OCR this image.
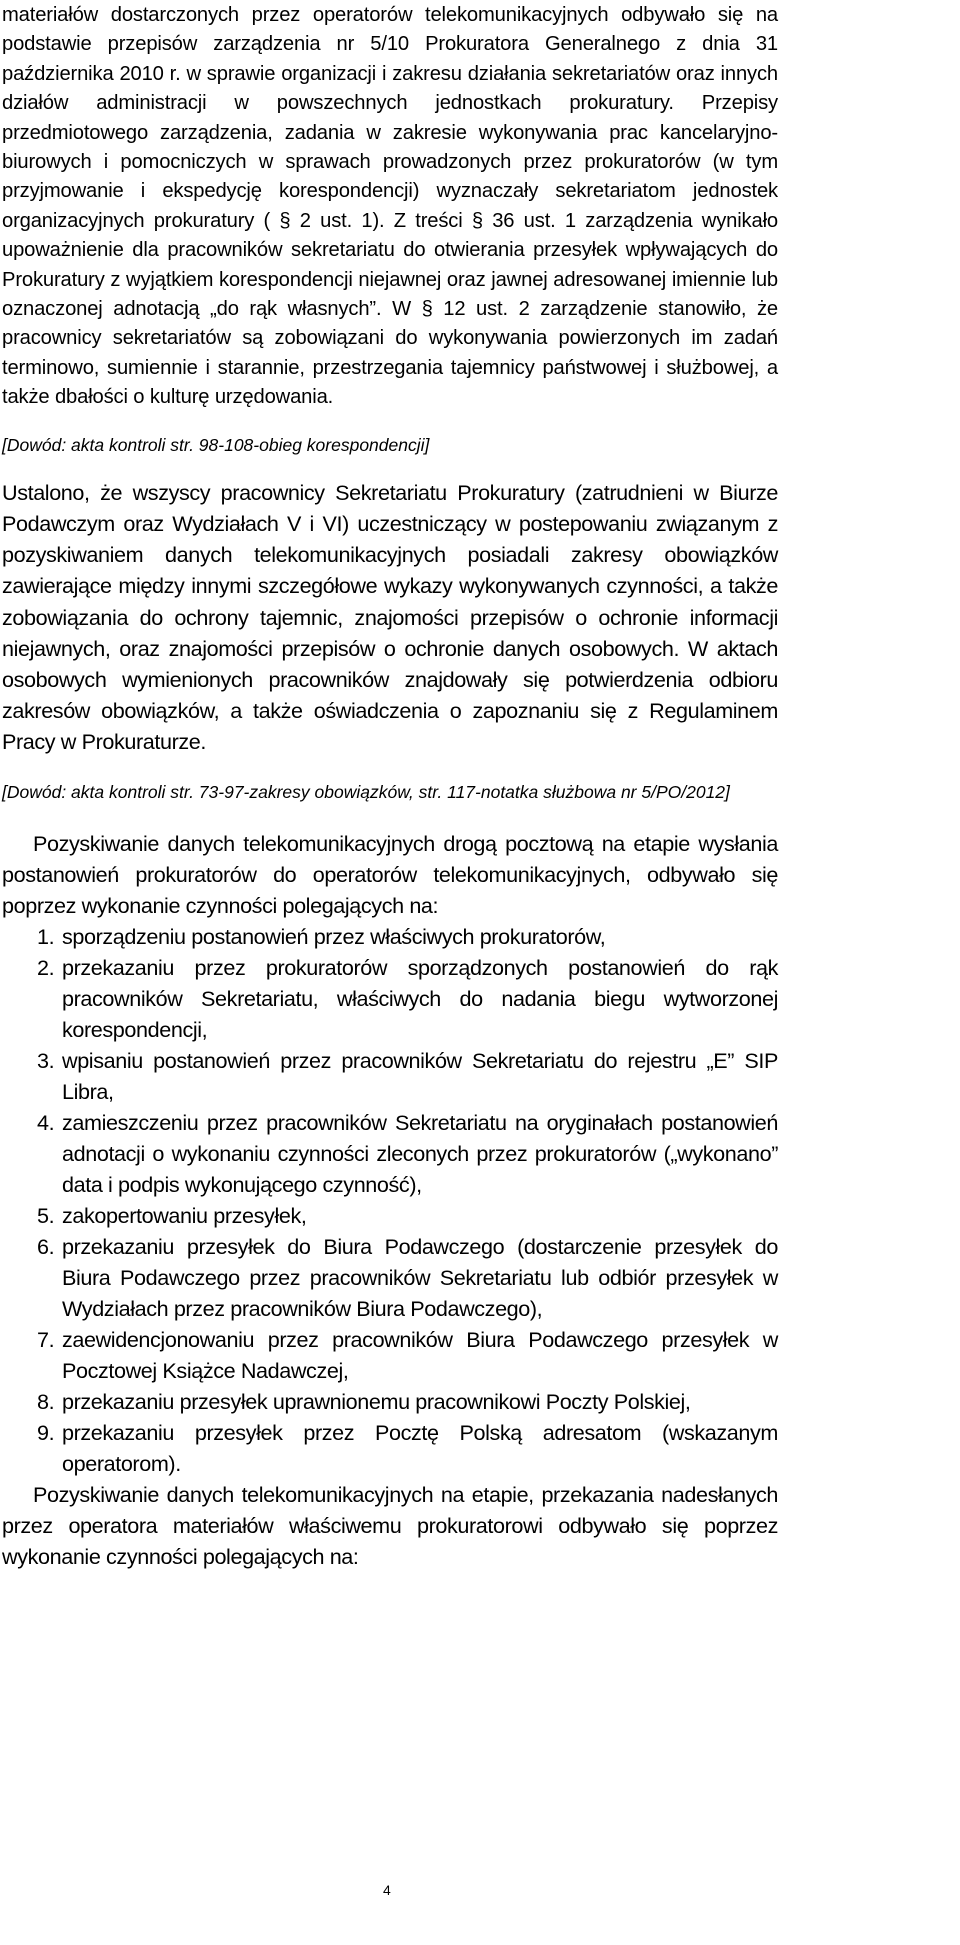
materiałów dostarczonych przez operatorów telekomunikacyjnych odbywało się na podstawie przepisów zarządzenia nr 5/10 Prokuratora Generalnego z dnia 31 października 2010 r. w sprawie organizacji i zakresu działania sekretariatów oraz innych działów administracji w powszechnych jednostkach prokuratury. Przepisy przedmiotowego zarządzenia, zadania w zakresie wykonywania prac kancelaryjno-biurowych i pomocniczych w sprawach prowadzonych przez prokuratorów (w tym przyjmowanie i ekspedycję korespondencji) wyznaczały sekretariatom jednostek organizacyjnych prokuratury ( § 2 ust. 1). Z treści § 36 ust. 1 zarządzenia wynikało upoważnienie dla pracowników sekretariatu do otwierania przesyłek wpływających do Prokuratury z wyjątkiem korespondencji niejawnej oraz jawnej adresowanej imiennie lub oznaczonej adnotacją „do rąk własnych”. W § 12 ust. 2 zarządzenie stanowiło, że pracownicy sekretariatów są zobowiązani do wykonywania powierzonych im zadań terminowo, sumiennie i starannie, przestrzegania tajemnicy państwowej i służbowej, a także dbałości o kulturę urzędowania.

[Dowód: akta kontroli str. 98-108-obieg korespondencji]

Ustalono, że wszyscy pracownicy Sekretariatu Prokuratury (zatrudnieni w Biurze Podawczym oraz Wydziałach V i VI) uczestniczący w postepowaniu związanym z pozyskiwaniem danych telekomunikacyjnych posiadali zakresy obowiązków zawierające między innymi szczegółowe wykazy wykonywanych czynności, a także zobowiązania do ochrony tajemnic, znajomości przepisów o ochronie informacji niejawnych, oraz znajomości przepisów o ochronie danych osobowych. W aktach osobowych wymienionych pracowników znajdowały się potwierdzenia odbioru zakresów obowiązków, a także oświadczenia o zapoznaniu się z Regulaminem Pracy w Prokuraturze.

[Dowód: akta kontroli str. 73-97-zakresy obowiązków, str. 117-notatka służbowa nr 5/PO/2012]

Pozyskiwanie danych telekomunikacyjnych drogą pocztową na etapie wysłania postanowień prokuratorów do operatorów telekomunikacyjnych, odbywało się poprzez wykonanie czynności polegających na:

1. sporządzeniu postanowień przez właściwych prokuratorów,
2. przekazaniu przez prokuratorów sporządzonych postanowień do rąk pracowników Sekretariatu, właściwych do nadania biegu wytworzonej korespondencji,
3. wpisaniu postanowień przez pracowników Sekretariatu do rejestru „E” SIP Libra,
4. zamieszczeniu przez pracowników Sekretariatu na oryginałach postanowień adnotacji o wykonaniu czynności zleconych przez prokuratorów („wykonano” data i podpis wykonującego czynność),
5. zakopertowaniu przesyłek,
6. przekazaniu przesyłek do Biura Podawczego (dostarczenie przesyłek do Biura Podawczego przez pracowników Sekretariatu lub odbiór przesyłek w Wydziałach przez pracowników Biura Podawczego),
7. zaewidencjonowaniu przez pracowników Biura Podawczego przesyłek w Pocztowej Książce Nadawczej,
8. przekazaniu przesyłek uprawnionemu pracownikowi Poczty Polskiej,
9. przekazaniu przesyłek przez Pocztę Polską adresatom (wskazanym operatorom).

Pozyskiwanie danych telekomunikacyjnych na etapie, przekazania nadesłanych przez operatora materiałów właściwemu prokuratorowi odbywało się poprzez wykonanie czynności polegających na:

4
